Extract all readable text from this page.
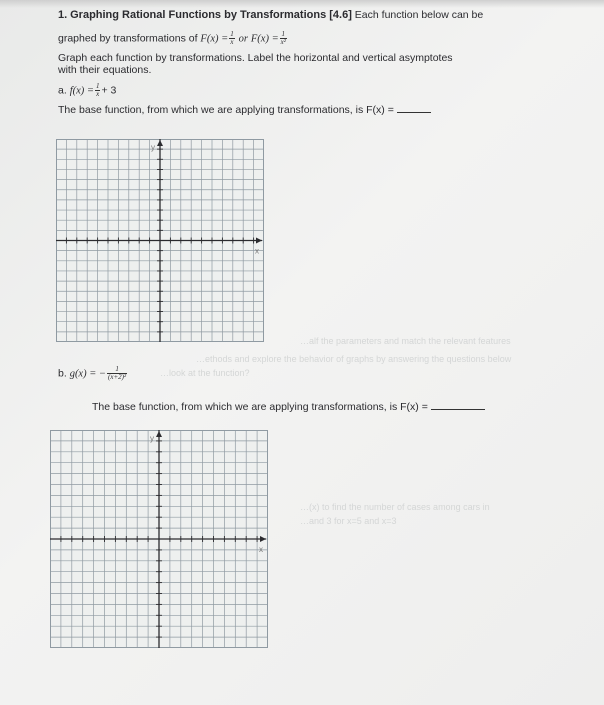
…alf the parameters and match the relevant features
…ethods and explore the behavior of graphs by answering the questions below
…look at the function?
…(x) to find the number of cases among cars in
…and 3 for x=5 and x=3
1. Graphing Rational Functions by Transformations [4.6] Each function below can be
graphed by transformations of $F(x) = \frac{1}{x}$ or $F(x) = \frac{1}{\text{x²}}$
Graph each function by transformations. Label the horizontal and vertical asymptotes
with their equations.
a. $f(x) = \frac{1}{x} + 3$
The base function, from which we are applying transformations, is F(x) =
y
x
b. g(x) = − $\frac{1}{\text{(x+2)²}}$
The base function, from which we are applying transformations, is F(x) =
y
x
